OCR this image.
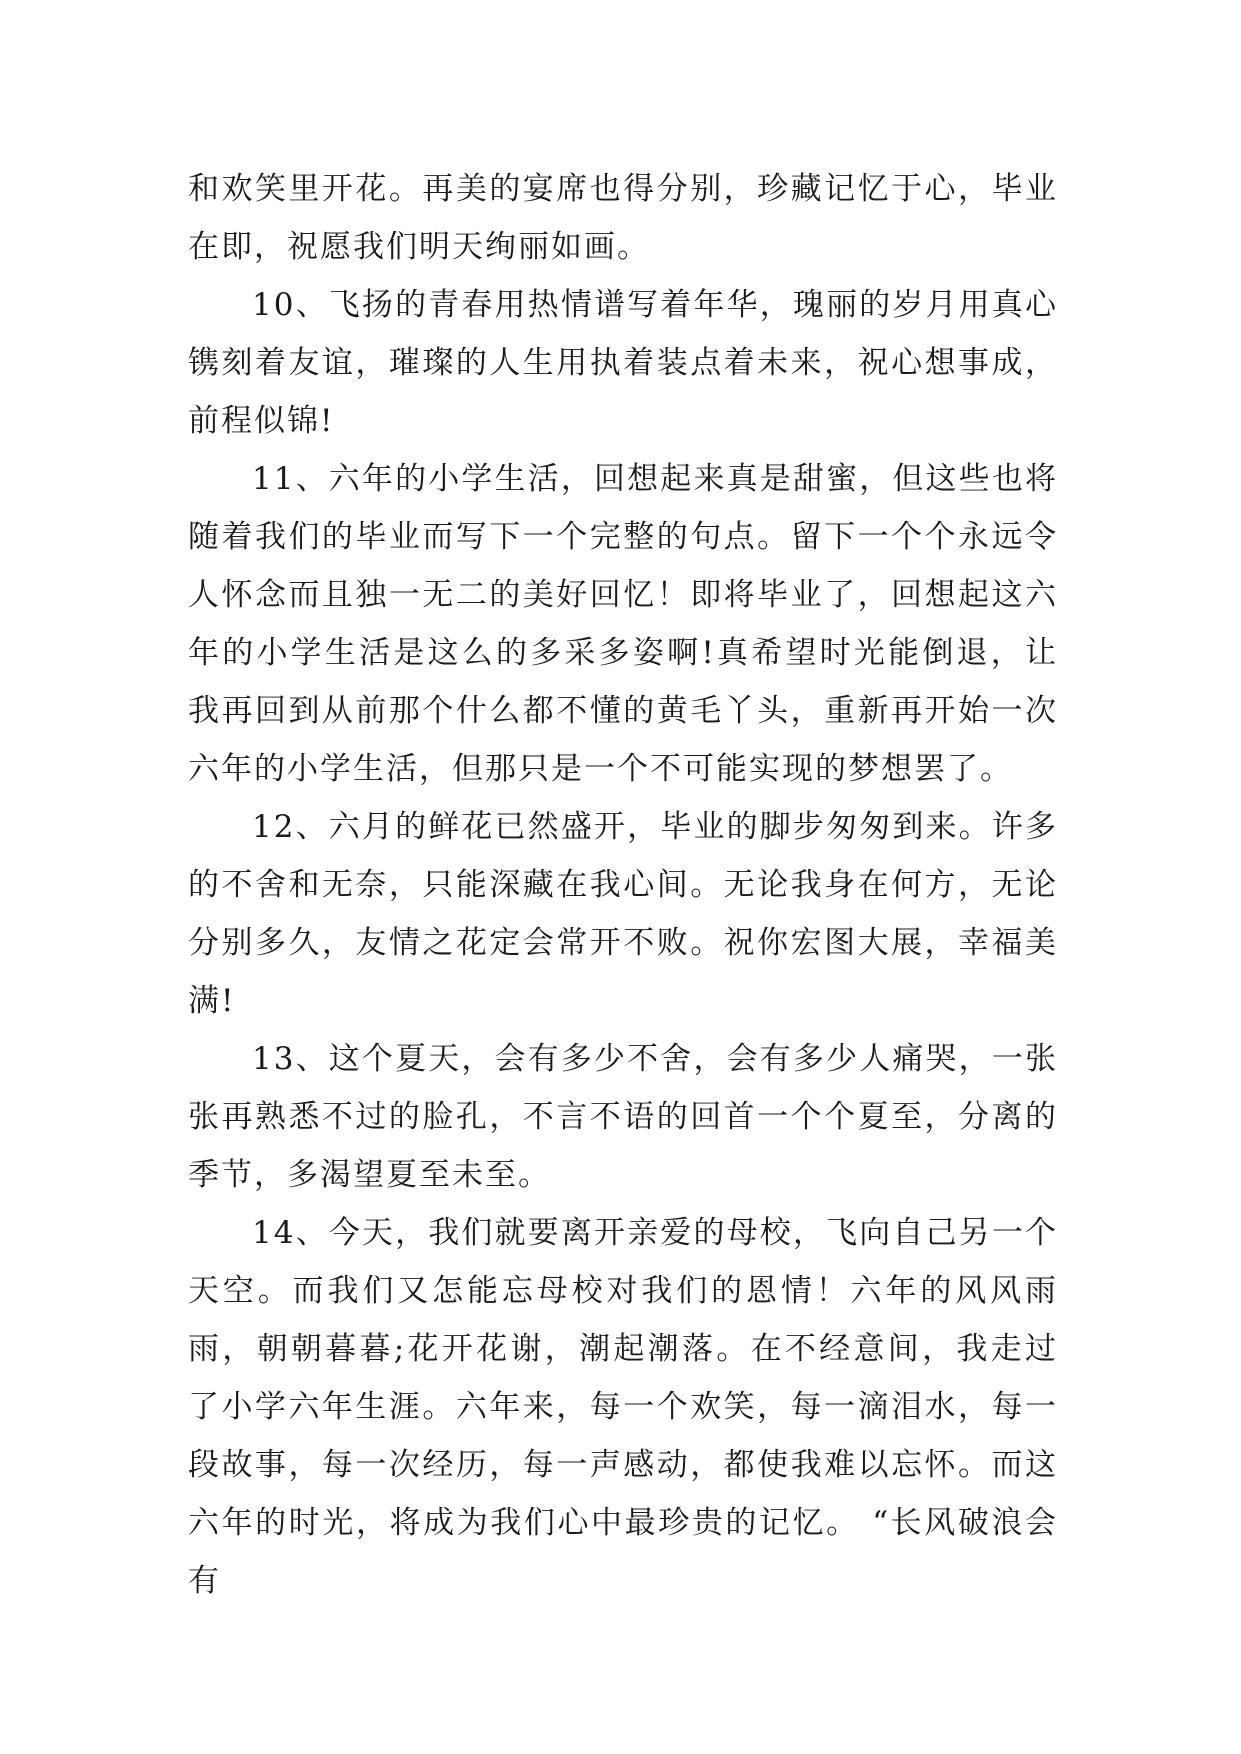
和欢笑里开花。再美的宴席也得分别，珍藏记忆于心，毕业在即，祝愿我们明天绚丽如画。

10、飞扬的青春用热情谱写着年华，瑰丽的岁月用真心镌刻着友谊，璀璨的人生用执着装点着未来，祝心想事成，前程似锦!

11、六年的小学生活，回想起来真是甜蜜，但这些也将随着我们的毕业而写下一个完整的句点。留下一个个永远令人怀念而且独一无二的美好回忆！即将毕业了，回想起这六年的小学生活是这么的多采多姿啊!真希望时光能倒退，让我再回到从前那个什么都不懂的黄毛丫头，重新再开始一次六年的小学生活，但那只是一个不可能实现的梦想罢了。

12、六月的鲜花已然盛开，毕业的脚步匆匆到来。许多的不舍和无奈，只能深藏在我心间。无论我身在何方，无论分别多久，友情之花定会常开不败。祝你宏图大展，幸福美满!

13、这个夏天，会有多少不舍，会有多少人痛哭，一张张再熟悉不过的脸孔，不言不语的回首一个个夏至，分离的季节，多渴望夏至未至。

14、今天，我们就要离开亲爱的母校，飞向自己另一个天空。而我们又怎能忘母校对我们的恩情！六年的风风雨雨，朝朝暮暮;花开花谢，潮起潮落。在不经意间，我走过了小学六年生涯。六年来，每一个欢笑，每一滴泪水，每一段故事，每一次经历，每一声感动，都使我难以忘怀。而这六年的时光，将成为我们心中最珍贵的记忆。 “长风破浪会有
